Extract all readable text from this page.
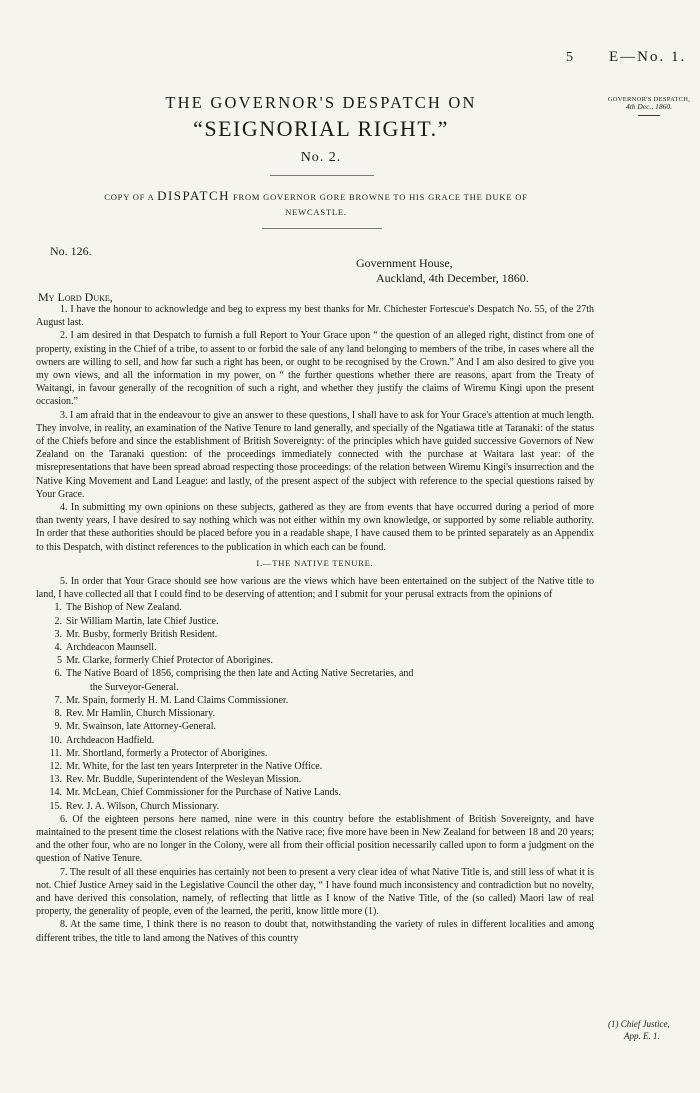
5 E—No. 1.
GOVERNOR'S DESPATCH,
4th Dec., 1860.
THE GOVERNOR'S DESPATCH ON
“SEIGNORIAL RIGHT.”
No. 2.
COPY OF A DISPATCH FROM GOVERNOR GORE BROWNE TO HIS GRACE THE DUKE OF
NEWCASTLE.
No. 126.
Government House,
Auckland, 4th December, 1860.
My Lord Duke,

1. I have the honour to acknowledge and beg to express my best thanks for Mr. Chichester Fortescue's Despatch No. 55, of the 27th August last.

2. I am desired in that Despatch to furnish a full Report to Your Grace upon “ the question of an alleged right, distinct from one of property, existing in the Chief of a tribe, to assent to or forbid the sale of any land belonging to members of the tribe, in cases where all the owners are willing to sell, and how far such a right has been, or ought to be recognised by the Crown.” And I am also desired to give you my own views, and all the information in my power, on “ the further questions whether there are reasons, apart from the Treaty of Waitangi, in favour generally of the recognition of such a right, and whether they justify the claims of Wiremu Kingi upon the present occasion.”

3. I am afraid that in the endeavour to give an answer to these questions, I shall have to ask for Your Grace's attention at much length. They involve, in reality, an examination of the Native Tenure to land generally, and specially of the Ngatiawa title at Taranaki: of the status of the Chiefs before and since the establishment of British Sovereignty: of the principles which have guided successive Governors of New Zealand on the Taranaki question: of the proceedings immediately connected with the purchase at Waitara last year: of the misrepresentations that have been spread abroad respecting those proceedings: of the relation between Wiremu Kingi's insurrection and the Native King Movement and Land League: and lastly, of the present aspect of the subject with reference to the special questions raised by Your Grace.

4. In submitting my own opinions on these subjects, gathered as they are from events that have occurred during a period of more than twenty years, I have desired to say nothing which was not either within my own knowledge, or supported by some reliable authority. In order that these authorities should be placed before you in a readable shape, I have caused them to be printed separately as an Appendix to this Despatch, with distinct references to the publication in which each can be found.

I.—THE NATIVE TENURE.

5. In order that Your Grace should see how various are the views which have been entertained on the subject of the Native title to land, I have collected all that I could find to be deserving of attention; and I submit for your perusal extracts from the opinions of

1. The Bishop of New Zealand.
2. Sir William Martin, late Chief Justice.
3. Mr. Busby, formerly British Resident.
4. Archdeacon Maunsell.
5 Mr. Clarke, formerly Chief Protector of Aborigines.
6. The Native Board of 1856, comprising the then late and Acting Native Secretaries, and
the Surveyor-General.
7. Mr. Spain, formerly H. M. Land Claims Commissioner.
8. Rev. Mr Hamlin, Church Missionary.
9. Mr. Swainson, late Attorney-General.
10. Archdeacon Hadfield.
11. Mr. Shortland, formerly a Protector of Aborigines.
12. Mr. White, for the last ten years Interpreter in the Native Office.
13. Rev. Mr. Buddle, Superintendent of the Wesleyan Mission.
14. Mr. McLean, Chief Commissioner for the Purchase of Native Lands.
15. Rev. J. A. Wilson, Church Missionary.

6. Of the eighteen persons here named, nine were in this country before the establishment of British Sovereignty, and have maintained to the present time the closest relations with the Native race; five more have been in New Zealand for between 18 and 20 years; and the other four, who are no longer in the Colony, were all from their official position necessarily called upon to form a judgment on the question of Native Tenure.

7. The result of all these enquiries has certainly not been to present a very clear idea of what Native Title is, and still less of what it is not. Chief Justice Arney said in the Legislative Council the other day, “ I have found much inconsistency and contradiction but no novelty, and have derived this consolation, namely, of reflecting that little as I know of the Native Title, of the (so called) Maori law of real property, the generality of people, even of the learned, the periti, know little more (1).

8. At the same time, I think there is no reason to doubt that, notwithstanding the variety of rules in different localities and among different tribes, the title to land among the Natives of this country

(1) Chief Justice,
App. E. 1.
